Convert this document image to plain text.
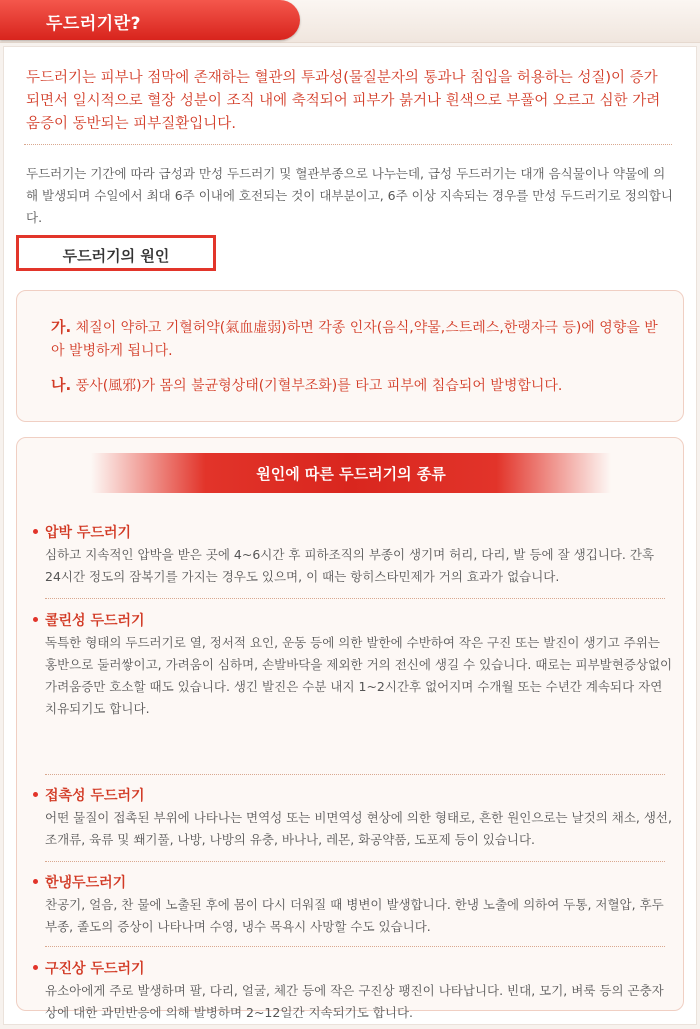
두드러기란?
두드러기는 피부나 점막에 존재하는 혈관의 투과성(물질분자의 통과나 침입을 허용하는 성질)이 증가되면서 일시적으로 혈장 성분이 조직 내에 축적되어 피부가 붉거나 흰색으로 부풀어 오르고 심한 가려움증이 동반되는 피부질환입니다.
두드러기는 기간에 따라 급성과 만성 두드러기 및 혈관부종으로 나누는데, 급성 두드러기는 대개 음식물이나 약물에 의해 발생되며 수일에서 최대 6주 이내에 호전되는 것이 대부분이고, 6주 이상 지속되는 경우를 만성 두드러기로 정의합니다.
두드러기의 원인
가. 체질이 약하고 기혈허약(氣血虛弱)하면 각종 인자(음식,약물,스트레스,한랭자극 등)에 영향을 받아 발병하게 됩니다.
나. 풍사(風邪)가 몸의 불균형상태(기혈부조화)를 타고 피부에 침습되어 발병합니다.
원인에 따른 두드러기의 종류
압박 두드러기
심하고 지속적인 압박을 받은 곳에 4~6시간 후 피하조직의 부종이 생기며 허리, 다리, 발 등에 잘 생깁니다. 간혹 24시간 정도의 잠복기를 가지는 경우도 있으며, 이 때는 항히스타민제가 거의 효과가 없습니다.
콜린성 두드러기
독특한 형태의 두드러기로 열, 정서적 요인, 운동 등에 의한 발한에 수반하여 작은 구진 또는 발진이 생기고 주위는 홍반으로 둘러쌓이고, 가려움이 심하며, 손발바닥을 제외한 거의 전신에 생길 수 있습니다. 때로는 피부발현증상없이 가려움증만 호소할 때도 있습니다. 생긴 발진은 수분 내지 1~2시간후 없어지며 수개월 또는 수년간 계속되다 자연치유되기도 합니다.
접촉성 두드러기
어떤 물질이 접촉된 부위에 나타나는 면역성 또는 비면역성 현상에 의한 형태로, 흔한 원인으로는 날것의 채소, 생선, 조개류, 육류 및 쐐기풀, 나방, 나방의 유충, 바나나, 레몬, 화공약품, 도포제 등이 있습니다.
한냉두드러기
찬공기, 얼음, 찬 물에 노출된 후에 몸이 다시 더워질 때 병변이 발생합니다. 한냉 노출에 의하여 두통, 저혈압, 후두부종, 졸도의 증상이 나타나며 수영, 냉수 목욕시 사망할 수도 있습니다.
구진상 두드러기
유소아에게 주로 발생하며 팔, 다리, 얼굴, 체간 등에 작은 구진상 팽진이 나타납니다. 빈대, 모기, 벼룩 등의 곤충자상에 대한 과민반응에 의해 발병하며 2~12일간 지속되기도 합니다.
